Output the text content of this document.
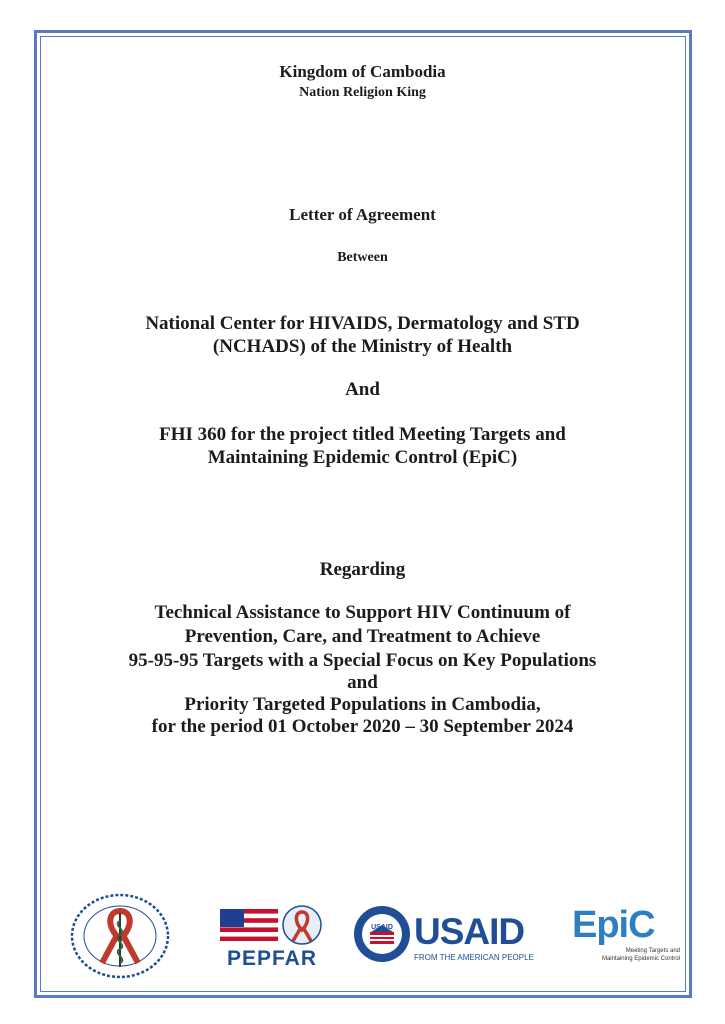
Kingdom of Cambodia
Nation Religion King
Letter of Agreement
Between
National Center for HIVAIDS, Dermatology and STD
(NCHADS) of the Ministry of Health
And
FHI 360 for the project titled Meeting Targets and
Maintaining Epidemic Control (EpiC)
Regarding
Technical Assistance to Support HIV Continuum of
Prevention, Care, and Treatment to Achieve
95-95-95 Targets with a Special Focus on Key Populations
and
Priority Targeted Populations in Cambodia,
for the period 01 October 2020 – 30 September 2024
PEPFAR
USAID USAID
FROM THE AMERICAN PEOPLE
EpiC
Meeting Targets and
Maintaining Epidemic Control
